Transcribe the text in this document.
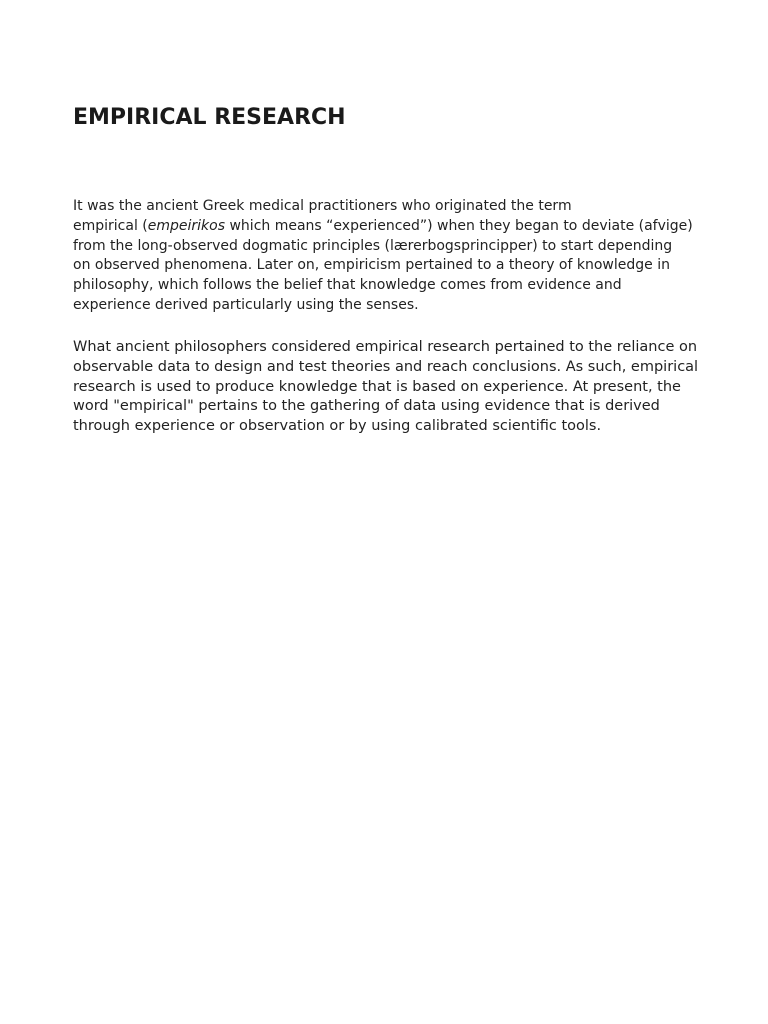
EMPIRICAL RESEARCH

It was the ancient Greek medical practitioners who originated the term
empirical (empeirikos which means “experienced”) when they began to deviate (afvige)
from the long-observed dogmatic principles (lærerbogsprincipper) to start depending
on observed phenomena. Later on, empiricism pertained to a theory of knowledge in
philosophy, which follows the belief that knowledge comes from evidence and
experience derived particularly using the senses.

What ancient philosophers considered empirical research pertained to the reliance on
observable data to design and test theories and reach conclusions. As such, empirical
research is used to produce knowledge that is based on experience. At present, the
word "empirical" pertains to the gathering of data using evidence that is derived
through experience or observation or by using calibrated scientific tools.
